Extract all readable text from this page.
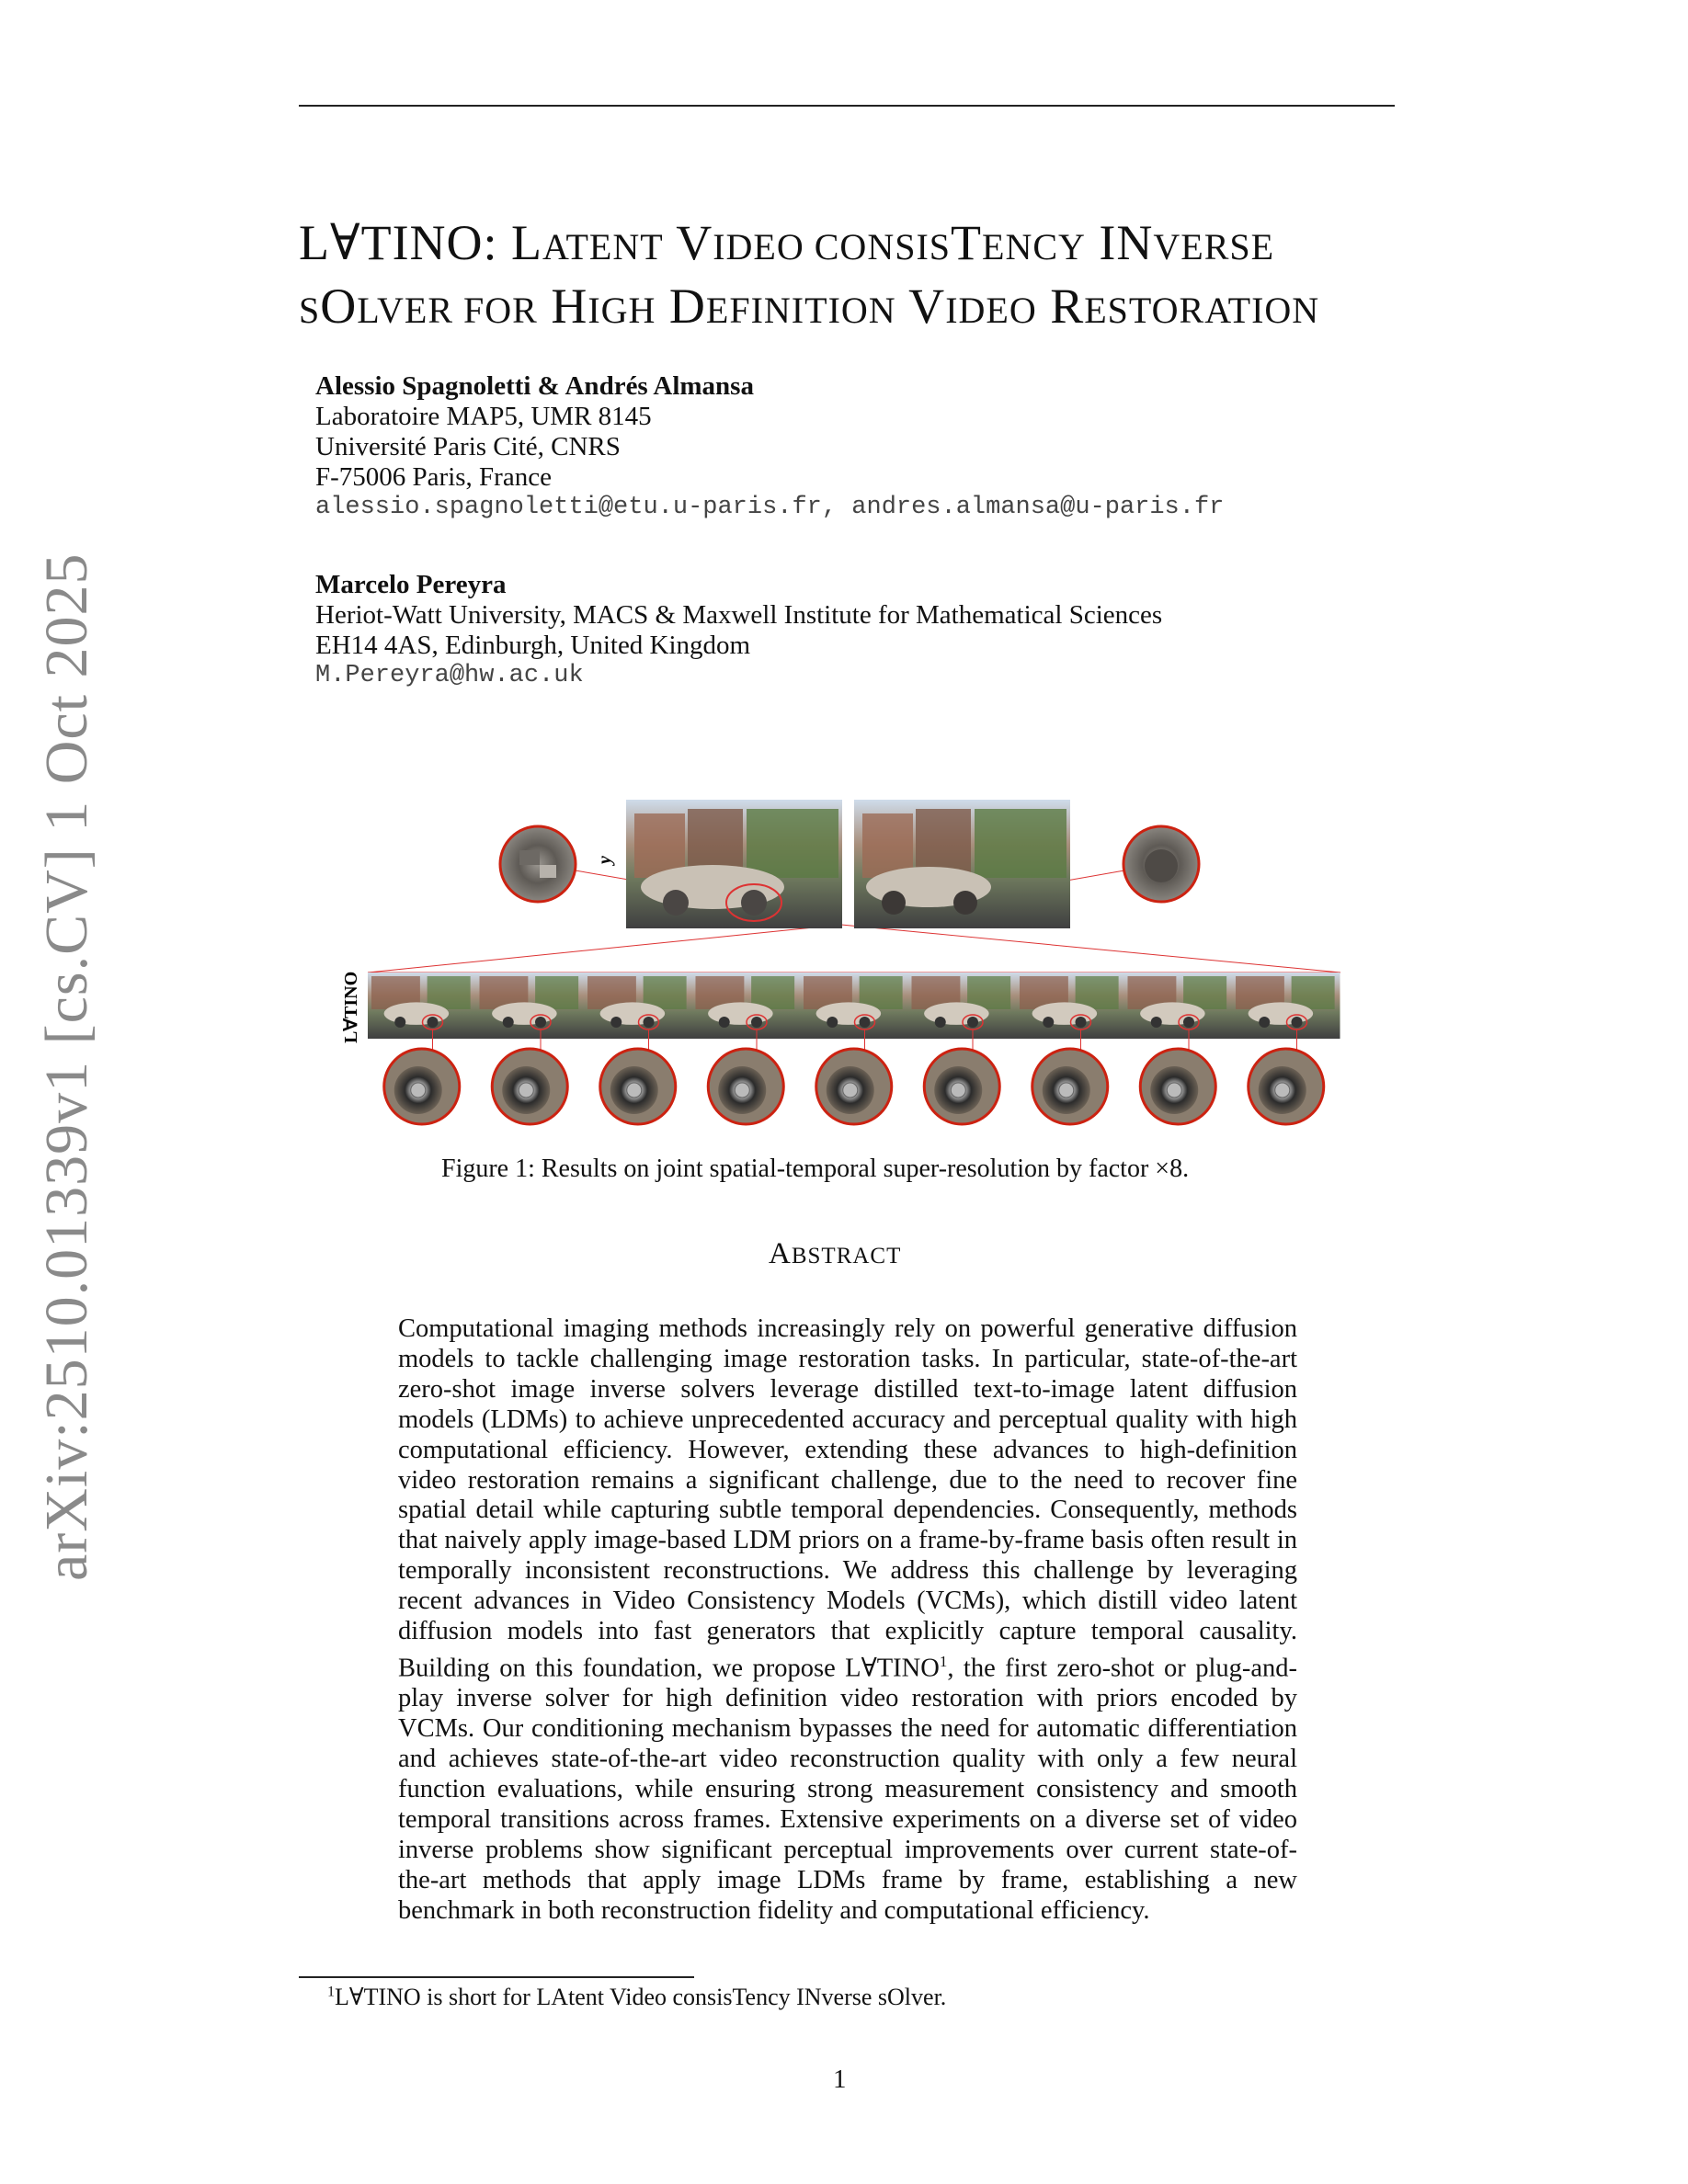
arXiv:2510.01339v1 [cs.CV] 1 Oct 2025
L∀TINO: LATENT VIDEO CONSISTENCY INVERSE
SOLVER FOR HIGH DEFINITION VIDEO RESTORATION
Alessio Spagnoletti & Andrés Almansa
Laboratoire MAP5, UMR 8145
Université Paris Cité, CNRS
F-75006 Paris, France
alessio.spagnoletti@etu.u-paris.fr, andres.almansa@u-paris.fr
Marcelo Pereyra
Heriot-Watt University, MACS & Maxwell Institute for Mathematical Sciences
EH14 4AS, Edinburgh, United Kingdom
M.Pereyra@hw.ac.uk
y
L∀TINO
Figure 1: Results on joint spatial-temporal super-resolution by factor ×8.
ABSTRACT
Computational imaging methods increasingly rely on powerful generative diffusion models to tackle challenging image restoration tasks. In particular, state-of-the-art zero-shot image inverse solvers leverage distilled text-to-image latent diffusion models (LDMs) to achieve unprecedented accuracy and perceptual quality with high computational efficiency. However, extending these advances to high-definition video restoration remains a significant challenge, due to the need to recover fine spatial detail while capturing subtle temporal dependencies. Consequently, methods that naively apply image-based LDM priors on a frame-by-frame basis often result in temporally inconsistent reconstructions. We address this challenge by leveraging recent advances in Video Consistency Models (VCMs), which distill video latent diffusion models into fast generators that explicitly capture temporal causality. Building on this foundation, we propose L∀TINO$^1$, the first zero-shot or plug-and-play inverse solver for high definition video restoration with priors encoded by VCMs. Our conditioning mechanism bypasses the need for automatic differentiation and achieves state-of-the-art video reconstruction quality with only a few neural function evaluations, while ensuring strong measurement consistency and smooth temporal transitions across frames. Extensive experiments on a diverse set of video inverse problems show significant perceptual improvements over current state-of-the-art methods that apply image LDMs frame by frame, establishing a new benchmark in both reconstruction fidelity and computational efficiency.
$^1$L∀TINO is short for LAtent Video consisTency INverse sOlver.
1
